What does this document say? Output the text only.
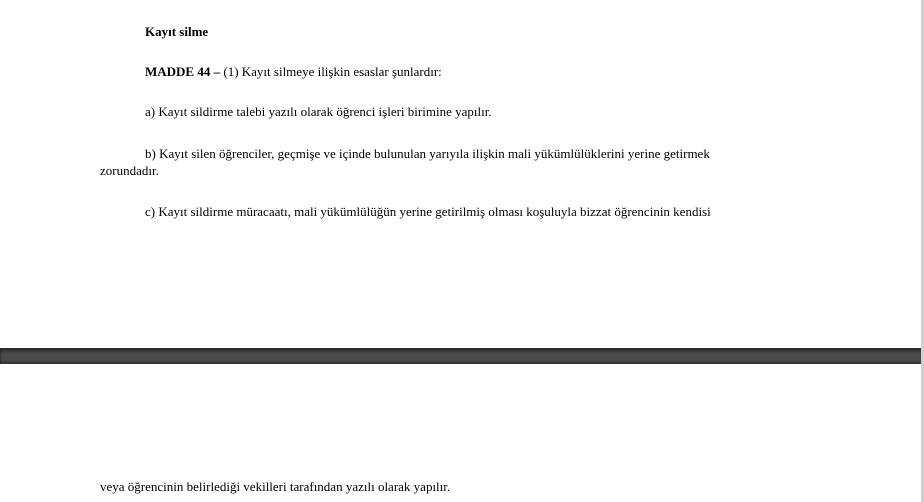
Kayıt silme
MADDE 44 – (1) Kayıt silmeye ilişkin esaslar şunlardır:
a) Kayıt sildirme talebi yazılı olarak öğrenci işleri birimine yapılır.
b) Kayıt silen öğrenciler, geçmişe ve içinde bulunulan yarıyıla ilişkin mali yükümlülüklerini yerine getirmek
zorundadır.
c) Kayıt sildirme müracaatı, mali yükümlülüğün yerine getirilmiş olması koşuluyla bizzat öğrencinin kendisi
veya öğrencinin belirlediği vekilleri tarafından yazılı olarak yapılır.
